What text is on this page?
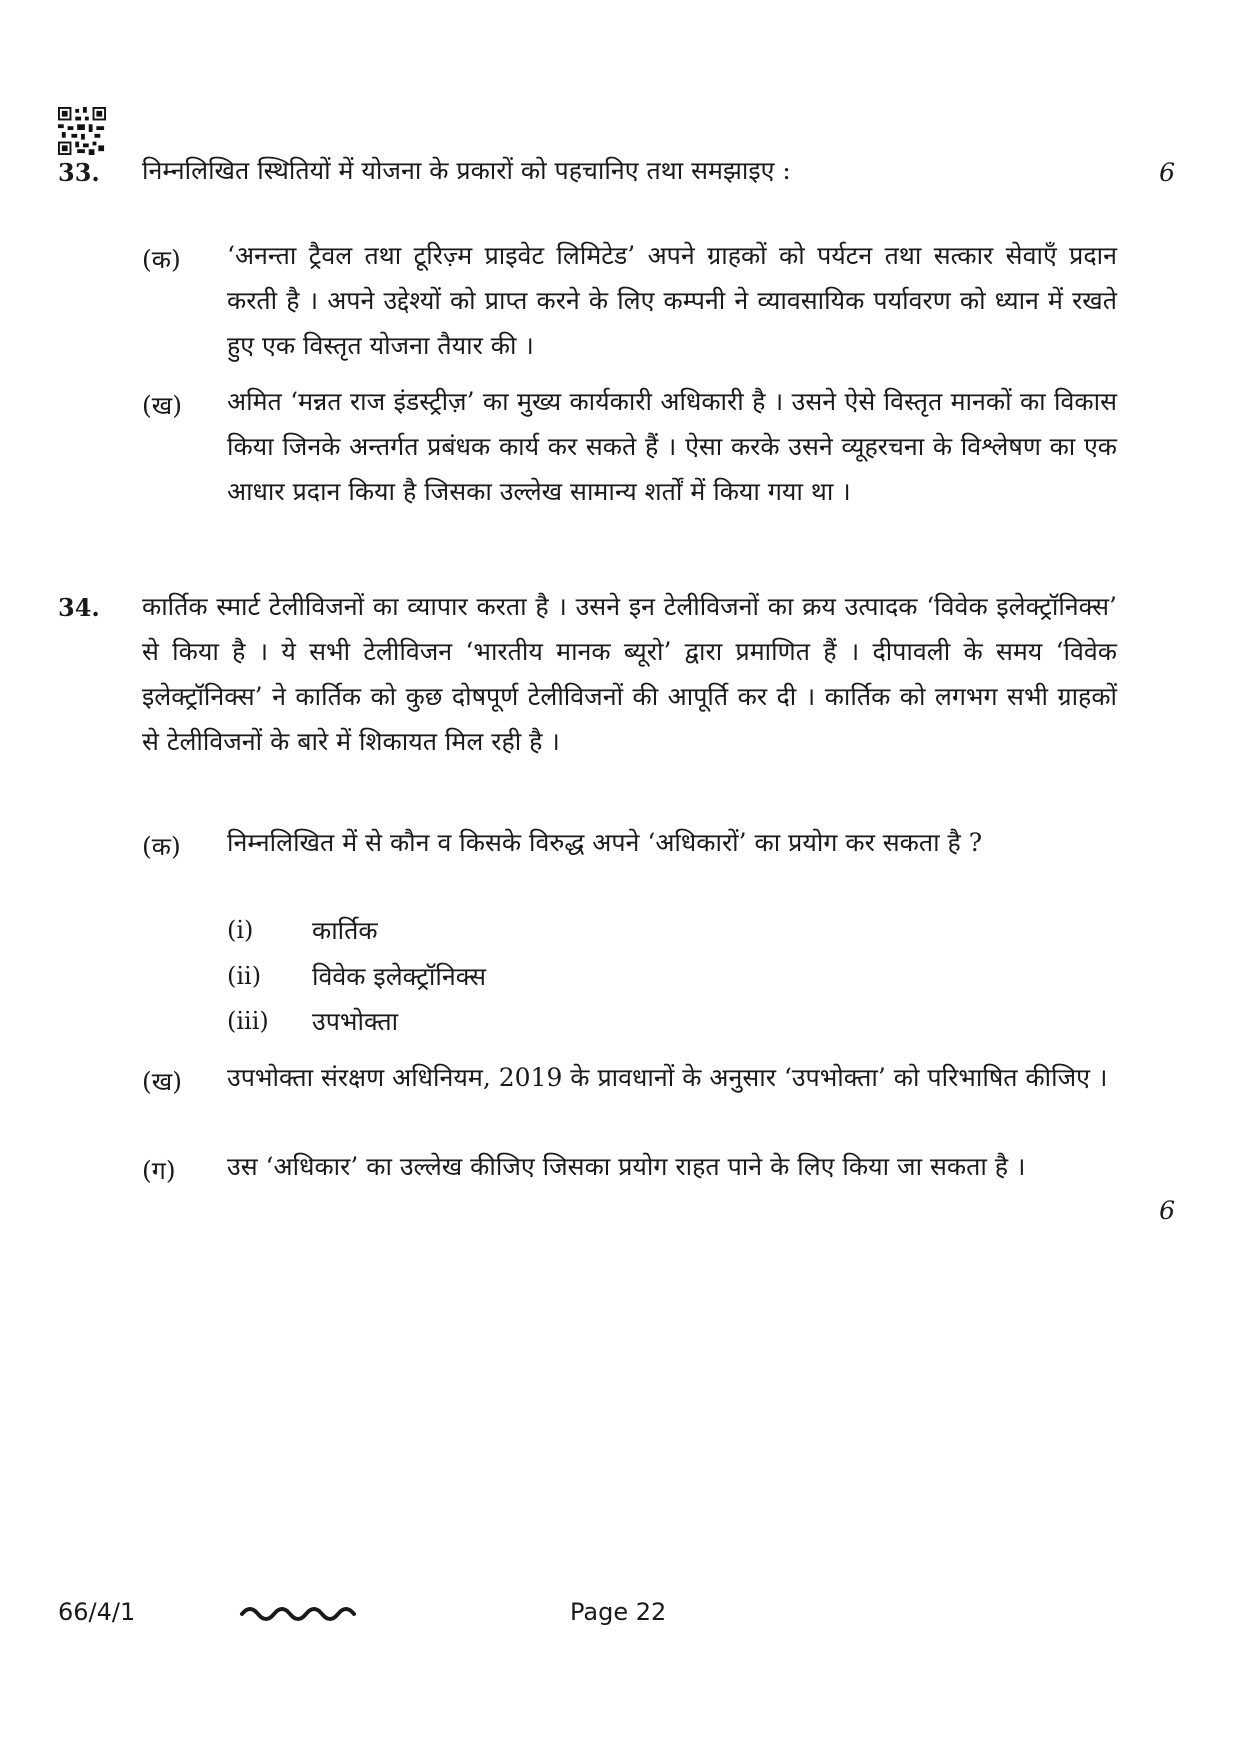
33. निम्नलिखित स्थितियों में योजना के प्रकारों को पहचानिए तथा समझाइए :	6
(क) ‘अनन्ता ट्रैवल तथा टूरिज़्म प्राइवेट लिमिटेड’ अपने ग्राहकों को पर्यटन तथा सत्कार सेवाएँ प्रदान करती है । अपने उद्देश्यों को प्राप्त करने के लिए कम्पनी ने व्यावसायिक पर्यावरण को ध्यान में रखते हुए एक विस्तृत योजना तैयार की ।
(ख) अमित ‘मन्नत राज इंडस्ट्रीज़’ का मुख्य कार्यकारी अधिकारी है । उसने ऐसे विस्तृत मानकों का विकास किया जिनके अन्तर्गत प्रबंधक कार्य कर सकते हैं । ऐसा करके उसने व्यूहरचना के विश्लेषण का एक आधार प्रदान किया है जिसका उल्लेख सामान्य शर्तों में किया गया था ।
34. कार्तिक स्मार्ट टेलीविजनों का व्यापार करता है । उसने इन टेलीविजनों का क्रय उत्पादक ‘विवेक इलेक्ट्रॉनिक्स’ से किया है । ये सभी टेलीविजन ‘भारतीय मानक ब्यूरो’ द्वारा प्रमाणित हैं । दीपावली के समय ‘विवेक इलेक्ट्रॉनिक्स’ ने कार्तिक को कुछ दोषपूर्ण टेलीविजनों की आपूर्ति कर दी । कार्तिक को लगभग सभी ग्राहकों से टेलीविजनों के बारे में शिकायत मिल रही है ।
(क) निम्नलिखित में से कौन व किसके विरुद्ध अपने ‘अधिकारों’ का प्रयोग कर सकता है ?
(i) कार्तिक
(ii) विवेक इलेक्ट्रॉनिक्स
(iii) उपभोक्ता
(ख) उपभोक्ता संरक्षण अधिनियम, 2019 के प्रावधानों के अनुसार ‘उपभोक्ता’ को परिभाषित कीजिए ।
(ग) उस ‘अधिकार’ का उल्लेख कीजिए जिसका प्रयोग राहत पाने के लिए किया जा सकता है ।
6
66/4/1	Page 22
